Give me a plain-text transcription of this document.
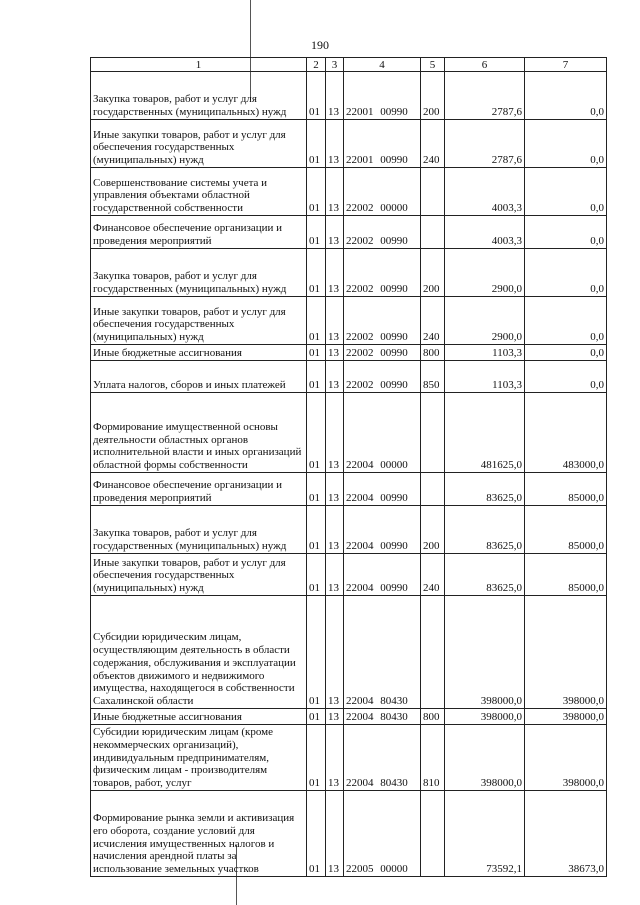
190
1	2	3	4	5	6	7
Закупка товаров, работ и услуг для государственных (муниципальных) нужд	01	13	22001 00990	200	2787,6	0,0
Иные закупки товаров, работ и услуг для обеспечения государственных (муниципальных) нужд	01	13	22001 00990	240	2787,6	0,0
Совершенствование системы учета и управления объектами областной государственной собственности	01	13	22002 00000		4003,3	0,0
Финансовое обеспечение организации и проведения мероприятий	01	13	22002 00990		4003,3	0,0
Закупка товаров, работ и услуг для государственных (муниципальных) нужд	01	13	22002 00990	200	2900,0	0,0
Иные закупки товаров, работ и услуг для обеспечения государственных (муниципальных) нужд	01	13	22002 00990	240	2900,0	0,0
Иные бюджетные ассигнования	01	13	22002 00990	800	1103,3	0,0
Уплата налогов, сборов и иных платежей	01	13	22002 00990	850	1103,3	0,0
Формирование имущественной основы деятельности областных органов исполнительной власти и иных организаций областной формы собственности	01	13	22004 00000		481625,0	483000,0
Финансовое обеспечение организации и проведения мероприятий	01	13	22004 00990		83625,0	85000,0
Закупка товаров, работ и услуг для государственных (муниципальных) нужд	01	13	22004 00990	200	83625,0	85000,0
Иные закупки товаров, работ и услуг для обеспечения государственных (муниципальных) нужд	01	13	22004 00990	240	83625,0	85000,0
Субсидии юридическим лицам, осуществляющим деятельность в области содержания, обслуживания и эксплуатации объектов движимого и недвижимого имущества, находящегося в собственности Сахалинской области	01	13	22004 80430		398000,0	398000,0
Иные бюджетные ассигнования	01	13	22004 80430	800	398000,0	398000,0
Субсидии юридическим лицам (кроме некоммерческих организаций), индивидуальным предпринимателям, физическим лицам - производителям товаров, работ, услуг	01	13	22004 80430	810	398000,0	398000,0
Формирование рынка земли и активизация его оборота, создание условий для исчисления имущественных налогов и начисления арендной платы за использование земельных участков	01	13	22005 00000		73592,1	38673,0
